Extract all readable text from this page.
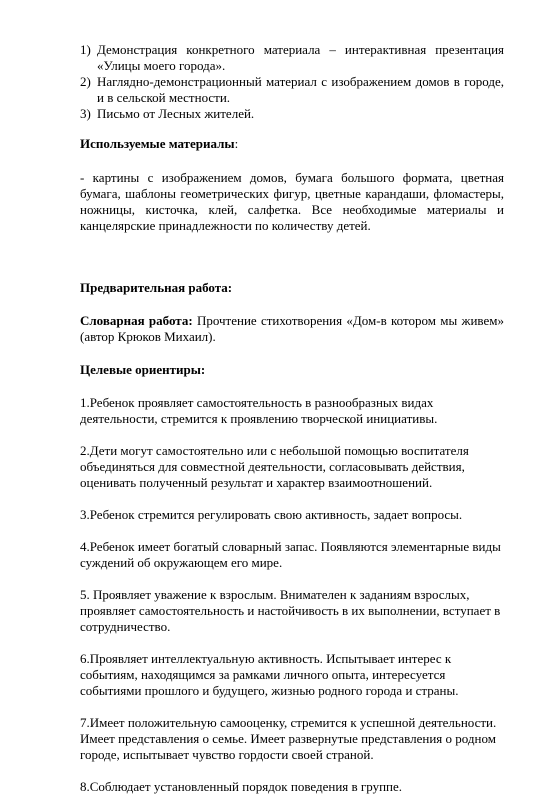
1) Демонстрация конкретного материала – интерактивная презентация «Улицы моего города».
2) Наглядно-демонстрационный материал с изображением домов в городе, и в сельской местности.
3) Письмо от Лесных жителей.

Используемые материалы:

- картины с изображением домов, бумага большого формата, цветная бумага, шаблоны геометрических фигур, цветные карандаши, фломастеры, ножницы, кисточка, клей, салфетка. Все необходимые материалы и канцелярские принадлежности по количеству детей.

Предварительная работа:

Словарная работа: Прочтение стихотворения «Дом-в котором мы живем» (автор Крюков Михаил).

Целевые ориентиры:

1.Ребенок проявляет самостоятельность в разнообразных видах деятельности, стремится к проявлению творческой инициативы.

2.Дети могут самостоятельно или с небольшой помощью воспитателя объединяться для совместной деятельности, согласовывать действия, оценивать полученный результат и характер взаимоотношений.

3.Ребенок стремится регулировать свою активность, задает вопросы.

4.Ребенок имеет богатый словарный запас. Появляются элементарные виды суждений об окружающем его мире.

5. Проявляет уважение к взрослым. Внимателен к заданиям взрослых, проявляет самостоятельность и настойчивость в их выполнении, вступает в сотрудничество.

6.Проявляет интеллектуальную активность. Испытывает интерес к событиям, находящимся за рамками личного опыта, интересуется событиями прошлого и будущего, жизнью родного города и страны.

7.Имеет положительную самооценку, стремится к успешной деятельности. Имеет представления о семье. Имеет развернутые представления о родном городе, испытывает чувство гордости своей страной.

8.Соблюдает установленный порядок поведения в группе.
